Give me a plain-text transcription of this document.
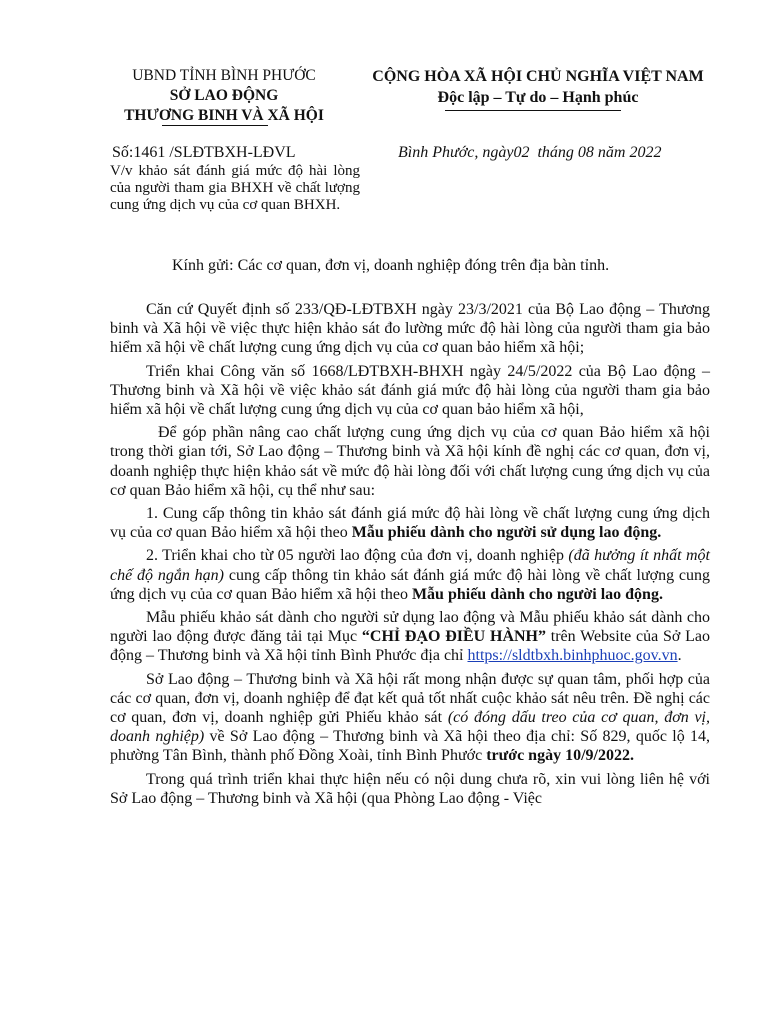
UBND TỈNH BÌNH PHƯỚC
SỞ LAO ĐỘNG
THƯƠNG BINH VÀ XÃ HỘI
CỘNG HÒA XÃ HỘI CHỦ NGHĨA VIỆT NAM
Độc lập – Tự do – Hạnh phúc
Số:1461 /SLĐTBXH-LĐVL	Bình Phước, ngày02 tháng 08 năm 2022
V/v khảo sát đánh giá mức độ hài lòng của người tham gia BHXH về chất lượng cung ứng dịch vụ của cơ quan BHXH.
Kính gửi: Các cơ quan, đơn vị, doanh nghiệp đóng trên địa bàn tỉnh.

Căn cứ Quyết định số 233/QĐ-LĐTBXH ngày 23/3/2021 của Bộ Lao động – Thương binh và Xã hội về việc thực hiện khảo sát đo lường mức độ hài lòng của người tham gia bảo hiểm xã hội về chất lượng cung ứng dịch vụ của cơ quan bảo hiểm xã hội;

Triển khai Công văn số 1668/LĐTBXH-BHXH ngày 24/5/2022 của Bộ Lao động – Thương binh và Xã hội về việc khảo sát đánh giá mức độ hài lòng của người tham gia bảo hiểm xã hội về chất lượng cung ứng dịch vụ của cơ quan bảo hiểm xã hội,

Để góp phần nâng cao chất lượng cung ứng dịch vụ của cơ quan Bảo hiểm xã hội trong thời gian tới, Sở Lao động – Thương binh và Xã hội kính đề nghị các cơ quan, đơn vị, doanh nghiệp thực hiện khảo sát về mức độ hài lòng đối với chất lượng cung ứng dịch vụ của cơ quan Bảo hiểm xã hội, cụ thể như sau:

1. Cung cấp thông tin khảo sát đánh giá mức độ hài lòng về chất lượng cung ứng dịch vụ của cơ quan Bảo hiểm xã hội theo Mẫu phiếu dành cho người sử dụng lao động.

2. Triển khai cho từ 05 người lao động của đơn vị, doanh nghiệp (đã hưởng ít nhất một chế độ ngắn hạn) cung cấp thông tin khảo sát đánh giá mức độ hài lòng về chất lượng cung ứng dịch vụ của cơ quan Bảo hiểm xã hội theo Mẫu phiếu dành cho người lao động.

Mẫu phiếu khảo sát dành cho người sử dụng lao động và Mẫu phiếu khảo sát dành cho người lao động được đăng tải tại Mục “CHỈ ĐẠO ĐIỀU HÀNH” trên Website của Sở Lao động – Thương binh và Xã hội tỉnh Bình Phước địa chỉ https://sldtbxh.binhphuoc.gov.vn.

Sở Lao động – Thương binh và Xã hội rất mong nhận được sự quan tâm, phối hợp của các cơ quan, đơn vị, doanh nghiệp để đạt kết quả tốt nhất cuộc khảo sát nêu trên. Đề nghị các cơ quan, đơn vị, doanh nghiệp gửi Phiếu khảo sát (có đóng dấu treo của cơ quan, đơn vị, doanh nghiệp) về Sở Lao động – Thương binh và Xã hội theo địa chỉ: Số 829, quốc lộ 14, phường Tân Bình, thành phố Đồng Xoài, tỉnh Bình Phước trước ngày 10/9/2022.

Trong quá trình triển khai thực hiện nếu có nội dung chưa rõ, xin vui lòng liên hệ với Sở Lao động – Thương binh và Xã hội (qua Phòng Lao động - Việc
